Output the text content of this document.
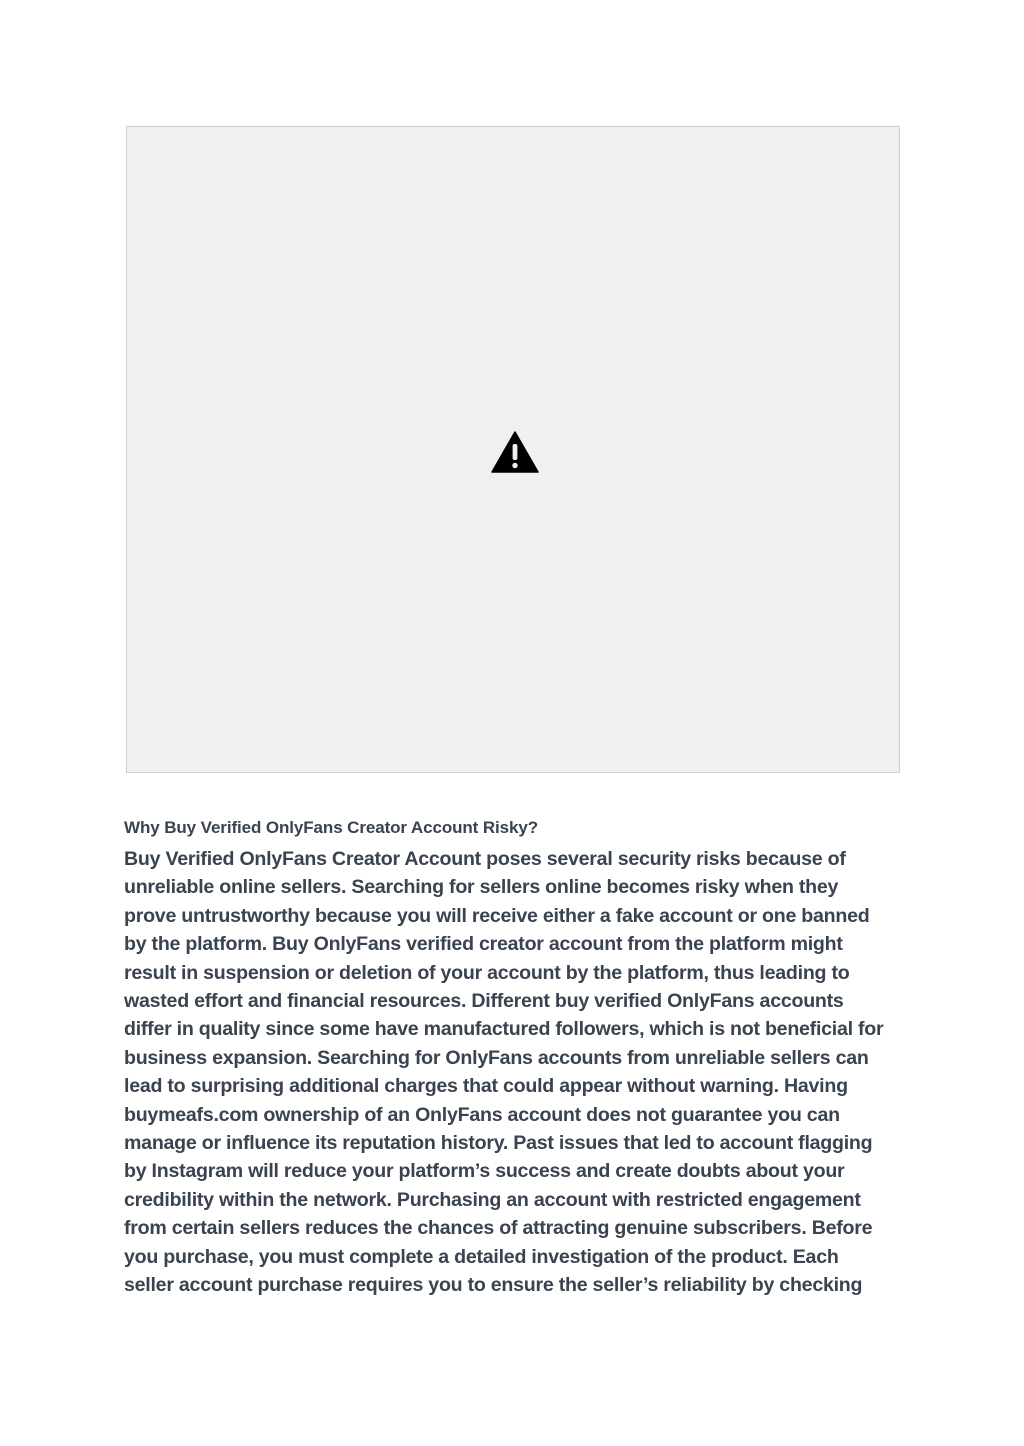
Why Buy Verified OnlyFans Creator Account Risky?

Buy Verified OnlyFans Creator Account poses several security risks because of
unreliable online sellers. Searching for sellers online becomes risky when they
prove untrustworthy because you will receive either a fake account or one banned
by the platform. Buy OnlyFans verified creator account from the platform might
result in suspension or deletion of your account by the platform, thus leading to
wasted effort and financial resources. Different buy verified OnlyFans accounts
differ in quality since some have manufactured followers, which is not beneficial for
business expansion. Searching for OnlyFans accounts from unreliable sellers can
lead to surprising additional charges that could appear without warning. Having
buymeafs.com ownership of an OnlyFans account does not guarantee you can
manage or influence its reputation history. Past issues that led to account flagging
by Instagram will reduce your platform’s success and create doubts about your
credibility within the network. Purchasing an account with restricted engagement
from certain sellers reduces the chances of attracting genuine subscribers. Before
you purchase, you must complete a detailed investigation of the product. Each
seller account purchase requires you to ensure the seller’s reliability by checking
